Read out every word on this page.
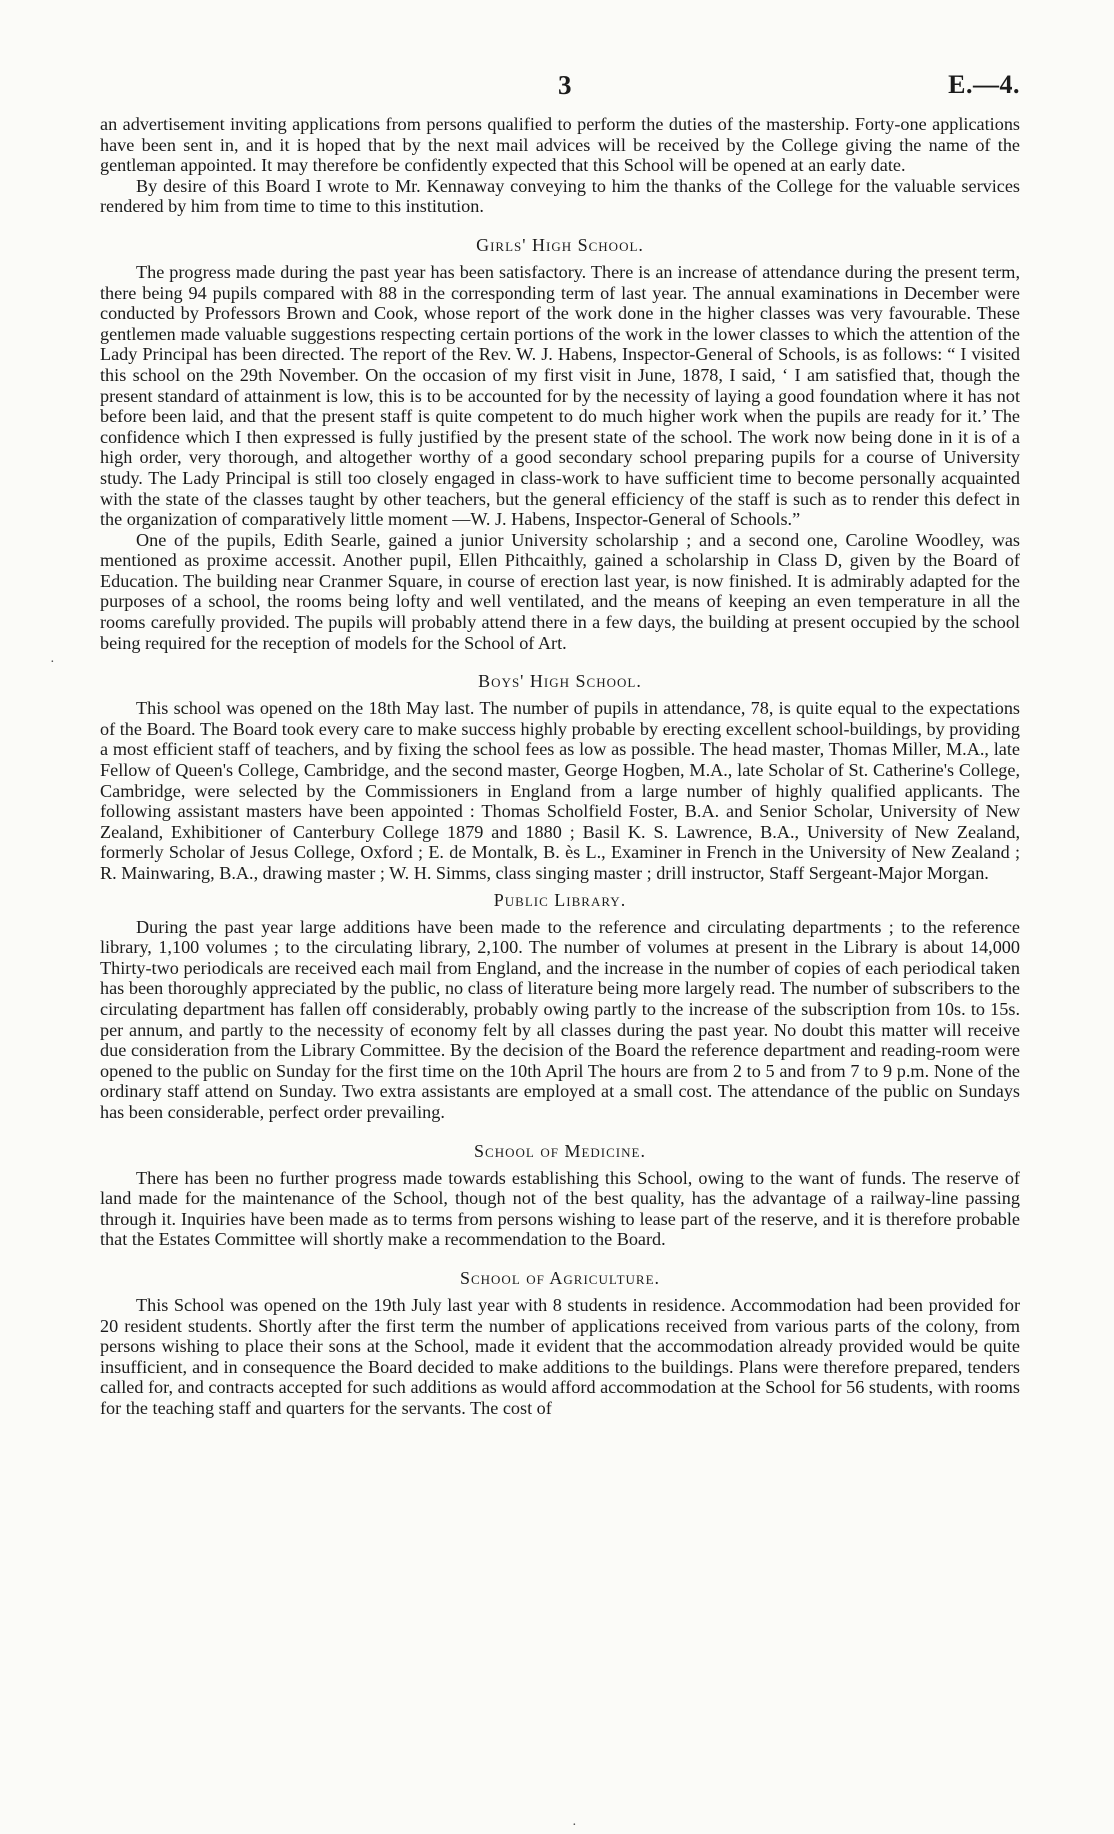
3	E.—4.

an advertisement inviting applications from persons qualified to perform the duties of the mastership. Forty-one applications have been sent in, and it is hoped that by the next mail advices will be received by the College giving the name of the gentleman appointed. It may therefore be confidently expected that this School will be opened at an early date.

By desire of this Board I wrote to Mr. Kennaway conveying to him the thanks of the College for the valuable services rendered by him from time to time to this institution.

Girls' High School.

The progress made during the past year has been satisfactory. There is an increase of attendance during the present term, there being 94 pupils compared with 88 in the corresponding term of last year. The annual examinations in December were conducted by Professors Brown and Cook, whose report of the work done in the higher classes was very favourable. These gentlemen made valuable suggestions respecting certain portions of the work in the lower classes to which the attention of the Lady Principal has been directed. The report of the Rev. W. J. Habens, Inspector-General of Schools, is as follows: “ I visited this school on the 29th November. On the occasion of my first visit in June, 1878, I said, ‘ I am satisfied that, though the present standard of attainment is low, this is to be accounted for by the necessity of laying a good foundation where it has not before been laid, and that the present staff is quite competent to do much higher work when the pupils are ready for it.’ The confidence which I then expressed is fully justified by the present state of the school. The work now being done in it is of a high order, very thorough, and altogether worthy of a good secondary school preparing pupils for a course of University study. The Lady Principal is still too closely engaged in class-work to have sufficient time to become personally acquainted with the state of the classes taught by other teachers, but the general efficiency of the staff is such as to render this defect in the organization of comparatively little moment —W. J. Habens, Inspector-General of Schools.”

One of the pupils, Edith Searle, gained a junior University scholarship ; and a second one, Caroline Woodley, was mentioned as proxime accessit. Another pupil, Ellen Pithcaithly, gained a scholarship in Class D, given by the Board of Education. The building near Cranmer Square, in course of erection last year, is now finished. It is admirably adapted for the purposes of a school, the rooms being lofty and well ventilated, and the means of keeping an even temperature in all the rooms carefully provided. The pupils will probably attend there in a few days, the building at present occupied by the school being required for the reception of models for the School of Art.

Boys' High School.

This school was opened on the 18th May last. The number of pupils in attendance, 78, is quite equal to the expectations of the Board. The Board took every care to make success highly probable by erecting excellent school-buildings, by providing a most efficient staff of teachers, and by fixing the school fees as low as possible. The head master, Thomas Miller, M.A., late Fellow of Queen's College, Cambridge, and the second master, George Hogben, M.A., late Scholar of St. Catherine's College, Cambridge, were selected by the Commissioners in England from a large number of highly qualified applicants. The following assistant masters have been appointed : Thomas Scholfield Foster, B.A. and Senior Scholar, University of New Zealand, Exhibitioner of Canterbury College 1879 and 1880 ; Basil K. S. Lawrence, B.A., University of New Zealand, formerly Scholar of Jesus College, Oxford ; E. de Montalk, B. ès L., Examiner in French in the University of New Zealand ; R. Mainwaring, B.A., drawing master ; W. H. Simms, class singing master ; drill instructor, Staff Sergeant-Major Morgan.

Public Library.

During the past year large additions have been made to the reference and circulating departments ; to the reference library, 1,100 volumes ; to the circulating library, 2,100. The number of volumes at present in the Library is about 14,000 Thirty-two periodicals are received each mail from England, and the increase in the number of copies of each periodical taken has been thoroughly appreciated by the public, no class of literature being more largely read. The number of subscribers to the circulating department has fallen off considerably, probably owing partly to the increase of the subscription from 10s. to 15s. per annum, and partly to the necessity of economy felt by all classes during the past year. No doubt this matter will receive due consideration from the Library Committee. By the decision of the Board the reference department and reading-room were opened to the public on Sunday for the first time on the 10th April The hours are from 2 to 5 and from 7 to 9 p.m. None of the ordinary staff attend on Sunday. Two extra assistants are employed at a small cost. The attendance of the public on Sundays has been considerable, perfect order prevailing.

School of Medicine.

There has been no further progress made towards establishing this School, owing to the want of funds. The reserve of land made for the maintenance of the School, though not of the best quality, has the advantage of a railway-line passing through it. Inquiries have been made as to terms from persons wishing to lease part of the reserve, and it is therefore probable that the Estates Committee will shortly make a recommendation to the Board.

School of Agriculture.

This School was opened on the 19th July last year with 8 students in residence. Accommodation had been provided for 20 resident students. Shortly after the first term the number of applications received from various parts of the colony, from persons wishing to place their sons at the School, made it evident that the accommodation already provided would be quite insufficient, and in consequence the Board decided to make additions to the buildings. Plans were therefore prepared, tenders called for, and contracts accepted for such additions as would afford accommodation at the School for 56 students, with rooms for the teaching staff and quarters for the servants. The cost of

·
·
